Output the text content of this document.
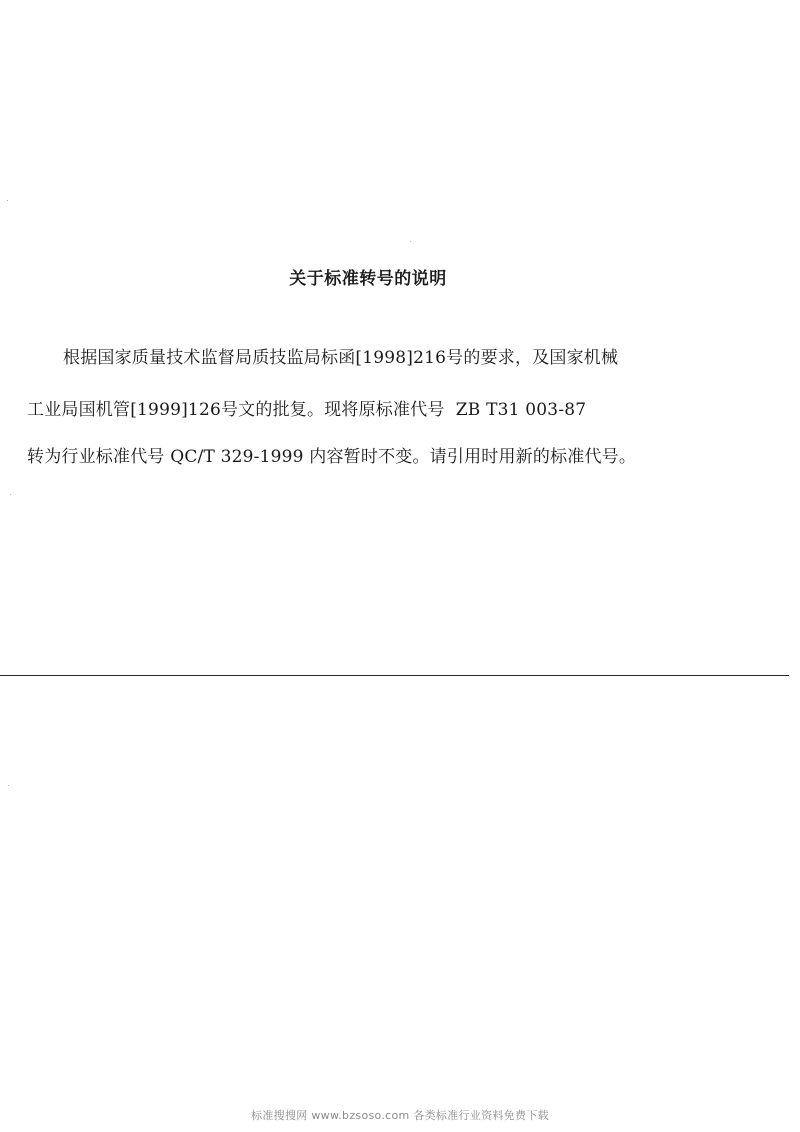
关于标准转号的说明
根据国家质量技术监督局质技监局标函[1998]216号的要求，及国家机械
工业局国机管[1999]126号文的批复。现将原标准代号  ZB T31 003-87
转为行业标准代号 QC/T 329-1999 内容暂时不变。请引用时用新的标准代号。
标准搜搜网 www.bzsoso.com 各类标准行业资料免费下载
